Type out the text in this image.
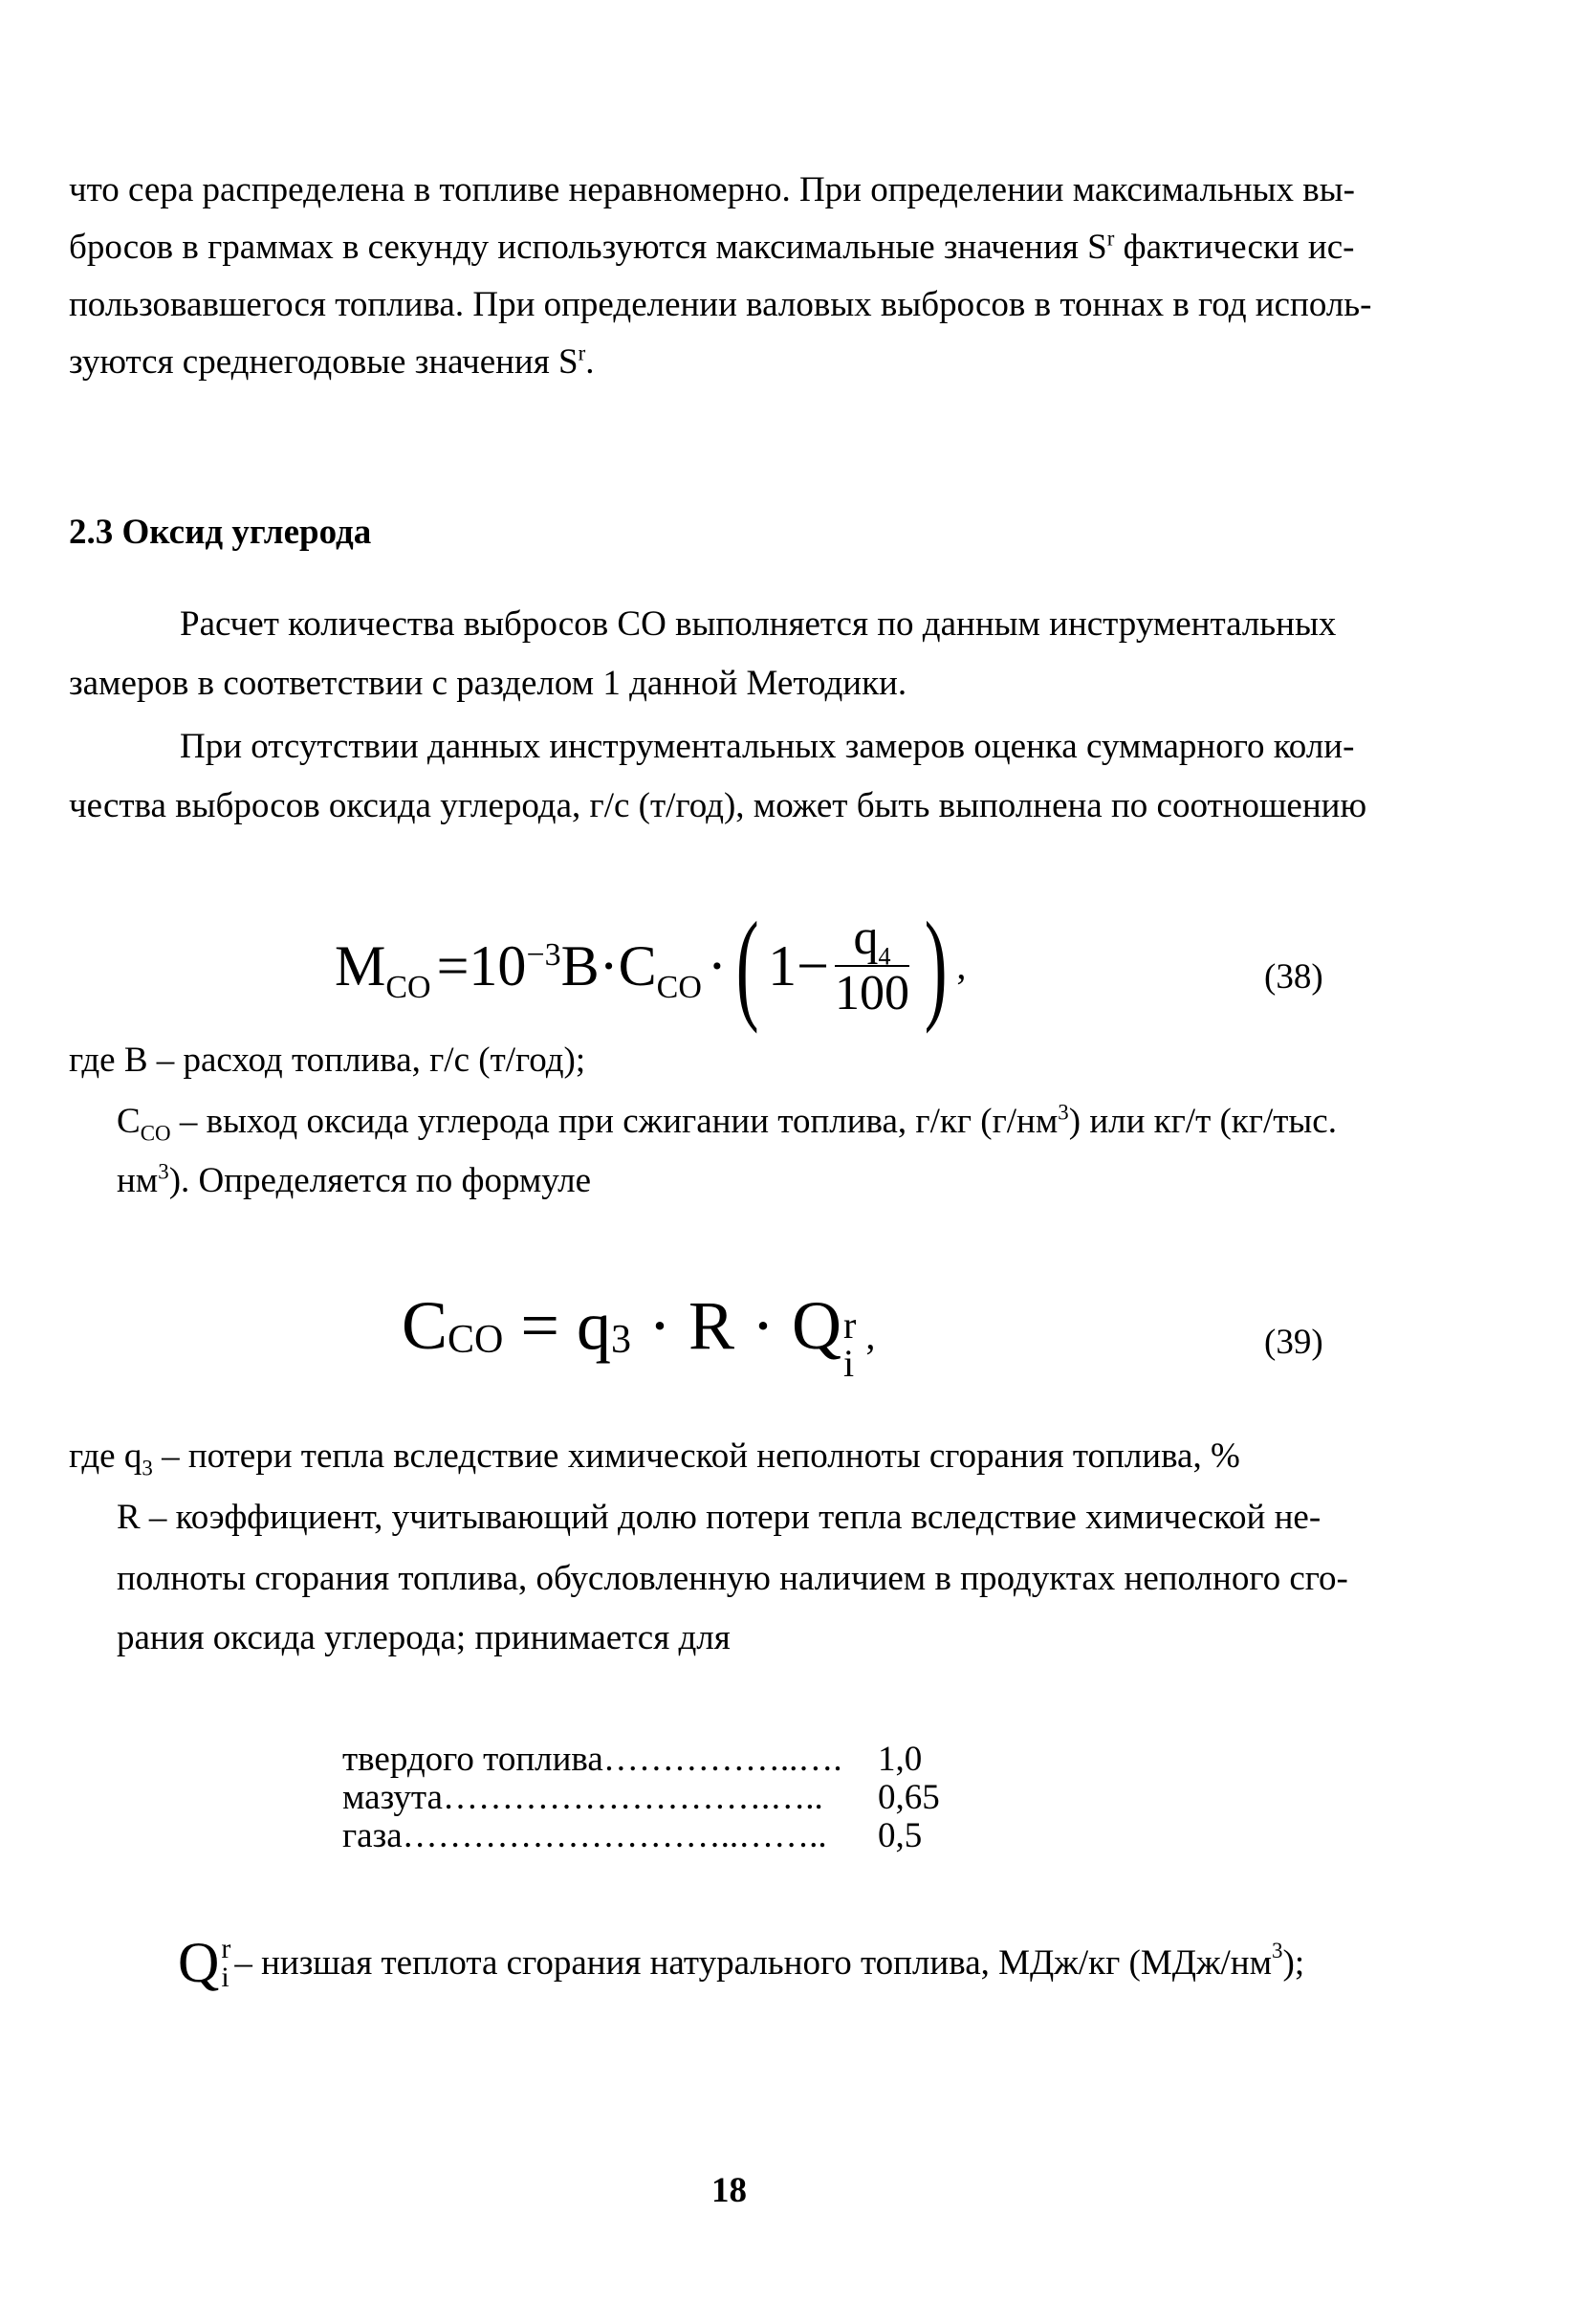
что сера распределена в топливе неравномерно. При определении максимальных вы-
бросов в граммах в секунду используются максимальные значения $S^r$ фактически ис-
пользовавшегося топлива. При определении валовых выбросов в тоннах в год исполь-
зуются среднегодовые значения $S^r$.
2.3 Оксид углерода
Расчет количества выбросов СО выполняется по данным инструментальных
замеров в соответствии с разделом 1 данной Методики.
При отсутствии данных инструментальных замеров оценка суммарного коли-
чества выбросов оксида углерода, г/с (т/год), может быть выполнена по соотношению
$M_{CO} =10^{-3}B\cdot C_{CO}$ · ( $1- \frac{q_4}{100}$ ) ,	(38)
где B – расход топлива, г/с (т/год);
$C_{CO}$ – выход оксида углерода при сжигании топлива, г/кг $(г/нм^3)$ или кг/т (кг/тыс.
$нм^3$). Определяется по формуле
$C_{CO} = q_3 \cdot R \cdot Q$ r
i
,	(39)
где $q_3$ – потери тепла вследствие химической неполноты сгорания топлива, %
R – коэффициент, учитывающий долю потери тепла вследствие химической не-
полноты сгорания топлива, обусловленную наличием в продуктах неполного сго-
рания оксида углерода; принимается для
твердого топлива……………..…. 1,0
мазута……………………….….. 0,65
газа………………………..…….. 0,5
Q r
i – низшая теплота сгорания натурального топлива, МДж/кг (МДж/нм 3 );
18
